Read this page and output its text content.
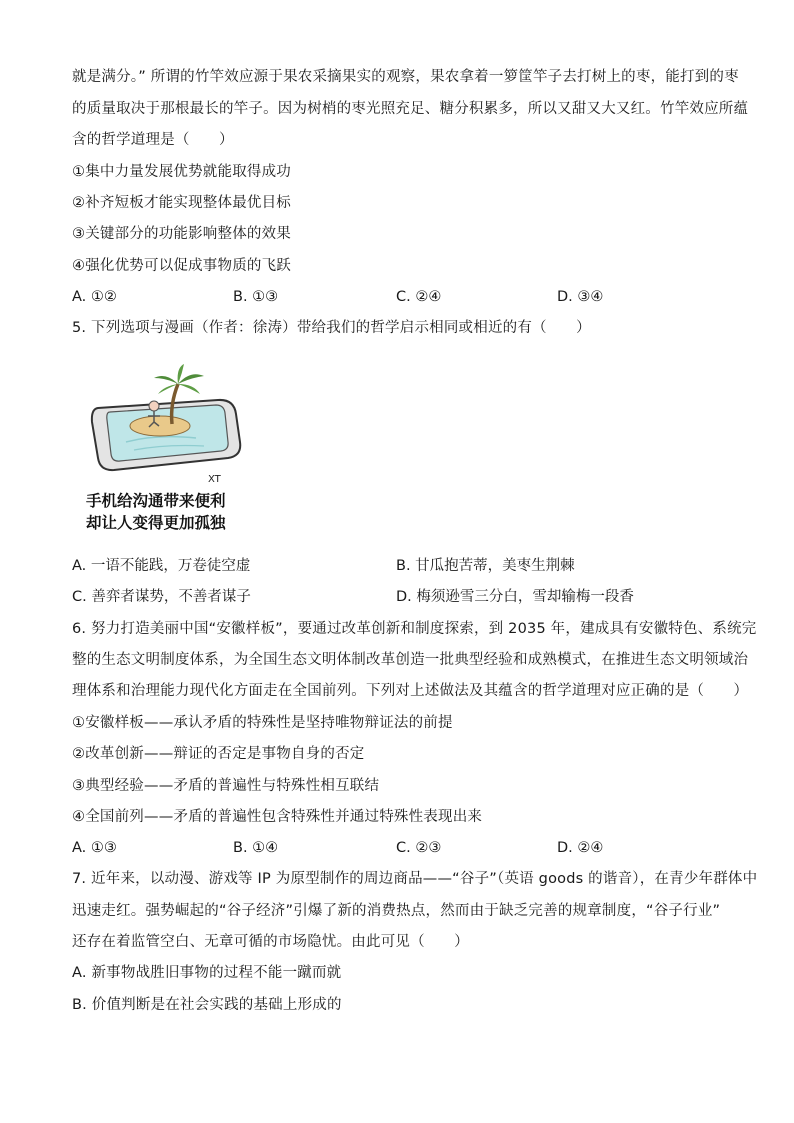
就是满分。” 所谓的竹竿效应源于果农采摘果实的观察，果农拿着一箩筐竿子去打树上的枣，能打到的枣
的质量取决于那根最长的竿子。因为树梢的枣光照充足、糖分积累多，所以又甜又大又红。竹竿效应所蕴
含的哲学道理是（　　）
①集中力量发展优势就能取得成功
②补齐短板才能实现整体最优目标
③关键部分的功能影响整体的效果
④强化优势可以促成事物质的飞跃
A. ①②	B. ①③	C. ②④	D. ③④
5. 下列选项与漫画（作者：徐涛）带给我们的哲学启示相同或相近的有（　　）
XT
手机给沟通带来便利
却让人变得更加孤独
A. 一语不能践，万卷徒空虚	B. 甘瓜抱苦蒂，美枣生荆棘
C. 善弈者谋势，不善者谋子	D. 梅须逊雪三分白，雪却输梅一段香
6. 努力打造美丽中国“安徽样板”，要通过改革创新和制度探索，到 2035 年，建成具有安徽特色、系统完
整的生态文明制度体系，为全国生态文明体制改革创造一批典型经验和成熟模式，在推进生态文明领域治
理体系和治理能力现代化方面走在全国前列。下列对上述做法及其蕴含的哲学道理对应正确的是（　　）
①安徽样板——承认矛盾的特殊性是坚持唯物辩证法的前提
②改革创新——辩证的否定是事物自身的否定
③典型经验——矛盾的普遍性与特殊性相互联结
④全国前列——矛盾的普遍性包含特殊性并通过特殊性表现出来
A. ①③	B. ①④	C. ②③	D. ②④
7. 近年来，以动漫、游戏等 IP 为原型制作的周边商品——“谷子”（英语 goods 的谐音），在青少年群体中
迅速走红。强势崛起的“谷子经济”引爆了新的消费热点，然而由于缺乏完善的规章制度，“谷子行业”
还存在着监管空白、无章可循的市场隐忧。由此可见（　　）
A. 新事物战胜旧事物的过程不能一蹴而就
B. 价值判断是在社会实践的基础上形成的
